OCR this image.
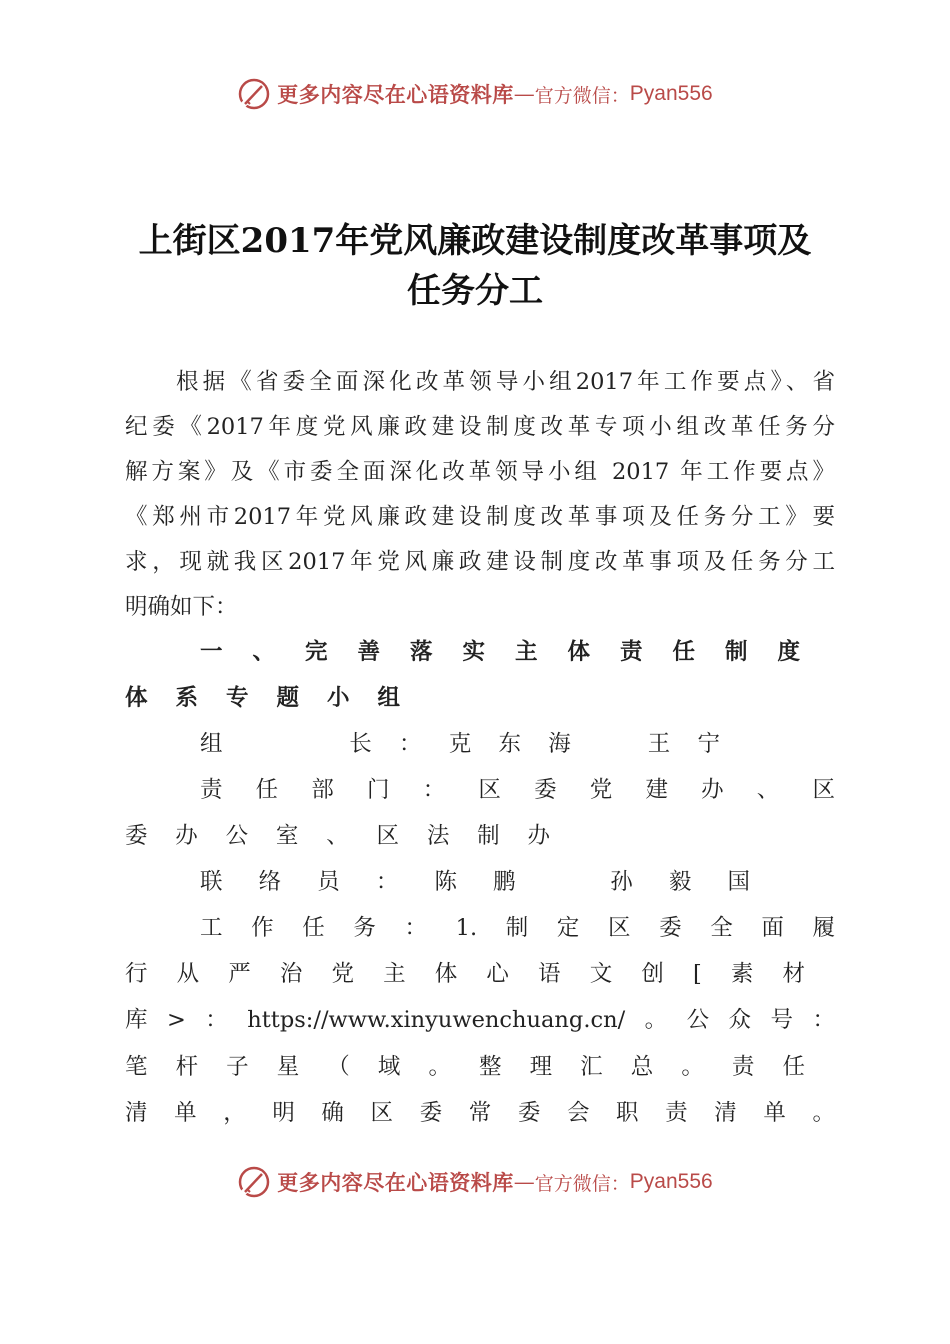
更多内容尽在心语资料库 — 官方微信： Pyan556
上街区2017年党风廉政建设制度改革事项及
任务分工
根据《省委全面深化改革领导小组2017年工作要点》、省
纪委《2017年度党风廉政建设制度改革专项小组改革任务分
解方案》及《市委全面深化改革领导小组 2017 年工作要点》
《郑州市2017年党风廉政建设制度改革事项及任务分工》要
求，现就我区2017年党风廉政建设制度改革事项及任务分工
明确如下：
一、完善落实主体责任制度
体系专题小组
组　　长：克东海　王宁
责任部门：区委党建办、区
委办公室、区法制办
联络员：陈鹏　孙毅国
工作任务：1.制定区委全面履
行从严治党主体心语文创[素材
库>：https://www.xinyuwenchuang.cn/。公众号：
笔杆子星（域。整理汇总。责任
清单，明确区委常委会职责清单。
更多内容尽在心语资料库 — 官方微信： Pyan556
